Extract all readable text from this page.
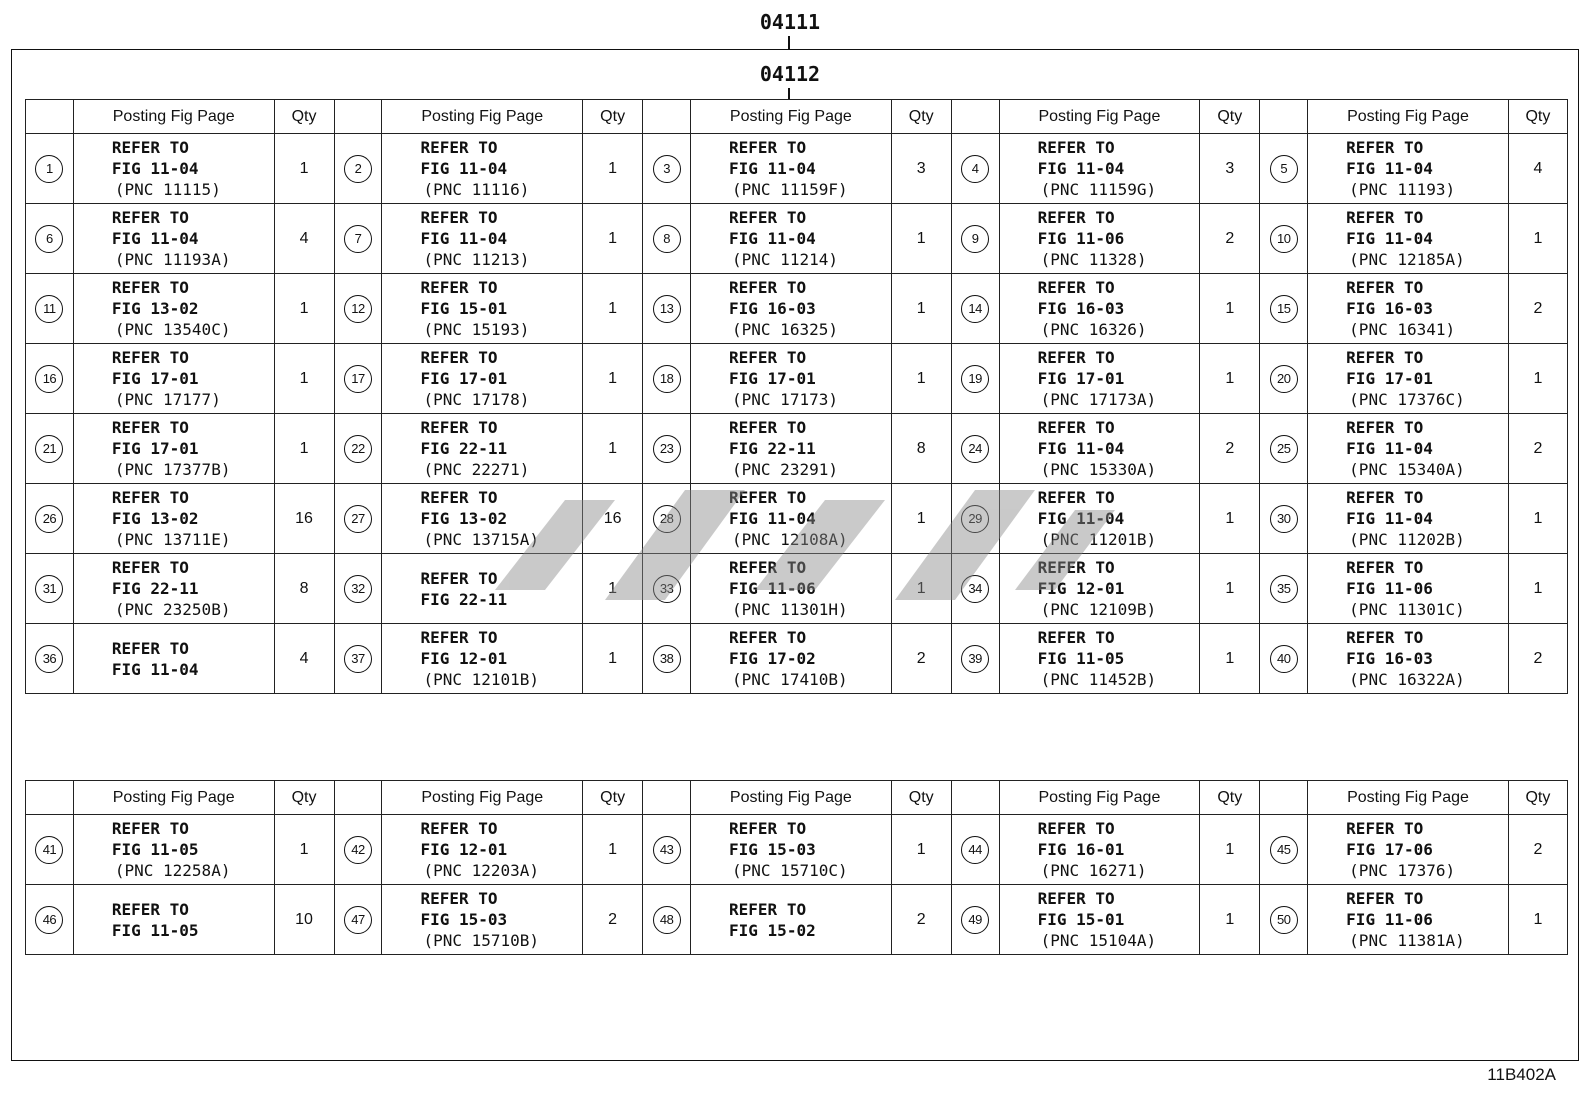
04111
04112
	Posting Fig Page	Qty		Posting Fig Page	Qty		Posting Fig Page	Qty		Posting Fig Page	Qty		Posting Fig Page	Qty
1	REFER TO
FIG 11-04
(PNC 11115)	1	2	REFER TO
FIG 11-04
(PNC 11116)	1	3	REFER TO
FIG 11-04
(PNC 11159F)	3	4	REFER TO
FIG 11-04
(PNC 11159G)	3	5	REFER TO
FIG 11-04
(PNC 11193)	4
6	REFER TO
FIG 11-04
(PNC 11193A)	4	7	REFER TO
FIG 11-04
(PNC 11213)	1	8	REFER TO
FIG 11-04
(PNC 11214)	1	9	REFER TO
FIG 11-06
(PNC 11328)	2	10	REFER TO
FIG 11-04
(PNC 12185A)	1
11	REFER TO
FIG 13-02
(PNC 13540C)	1	12	REFER TO
FIG 15-01
(PNC 15193)	1	13	REFER TO
FIG 16-03
(PNC 16325)	1	14	REFER TO
FIG 16-03
(PNC 16326)	1	15	REFER TO
FIG 16-03
(PNC 16341)	2
16	REFER TO
FIG 17-01
(PNC 17177)	1	17	REFER TO
FIG 17-01
(PNC 17178)	1	18	REFER TO
FIG 17-01
(PNC 17173)	1	19	REFER TO
FIG 17-01
(PNC 17173A)	1	20	REFER TO
FIG 17-01
(PNC 17376C)	1
21	REFER TO
FIG 17-01
(PNC 17377B)	1	22	REFER TO
FIG 22-11
(PNC 22271)	1	23	REFER TO
FIG 22-11
(PNC 23291)	8	24	REFER TO
FIG 11-04
(PNC 15330A)	2	25	REFER TO
FIG 11-04
(PNC 15340A)	2
26	REFER TO
FIG 13-02
(PNC 13711E)	16	27	REFER TO
FIG 13-02
(PNC 13715A)	16	28	REFER TO
FIG 11-04
(PNC 12108A)	1	29	REFER TO
FIG 11-04
(PNC 11201B)	1	30	REFER TO
FIG 11-04
(PNC 11202B)	1
31	REFER TO
FIG 22-11
(PNC 23250B)	8	32	REFER TO
FIG 22-11	1	33	REFER TO
FIG 11-06
(PNC 11301H)	1	34	REFER TO
FIG 12-01
(PNC 12109B)	1	35	REFER TO
FIG 11-06
(PNC 11301C)	1
36	REFER TO
FIG 11-04	4	37	REFER TO
FIG 12-01
(PNC 12101B)	1	38	REFER TO
FIG 17-02
(PNC 17410B)	2	39	REFER TO
FIG 11-05
(PNC 11452B)	1	40	REFER TO
FIG 16-03
(PNC 16322A)	2
	Posting Fig Page	Qty		Posting Fig Page	Qty		Posting Fig Page	Qty		Posting Fig Page	Qty		Posting Fig Page	Qty
41	REFER TO
FIG 11-05
(PNC 12258A)	1	42	REFER TO
FIG 12-01
(PNC 12203A)	1	43	REFER TO
FIG 15-03
(PNC 15710C)	1	44	REFER TO
FIG 16-01
(PNC 16271)	1	45	REFER TO
FIG 17-06
(PNC 17376)	2
46	REFER TO
FIG 11-05	10	47	REFER TO
FIG 15-03
(PNC 15710B)	2	48	REFER TO
FIG 15-02	2	49	REFER TO
FIG 15-01
(PNC 15104A)	1	50	REFER TO
FIG 11-06
(PNC 11381A)	1
11B402A
